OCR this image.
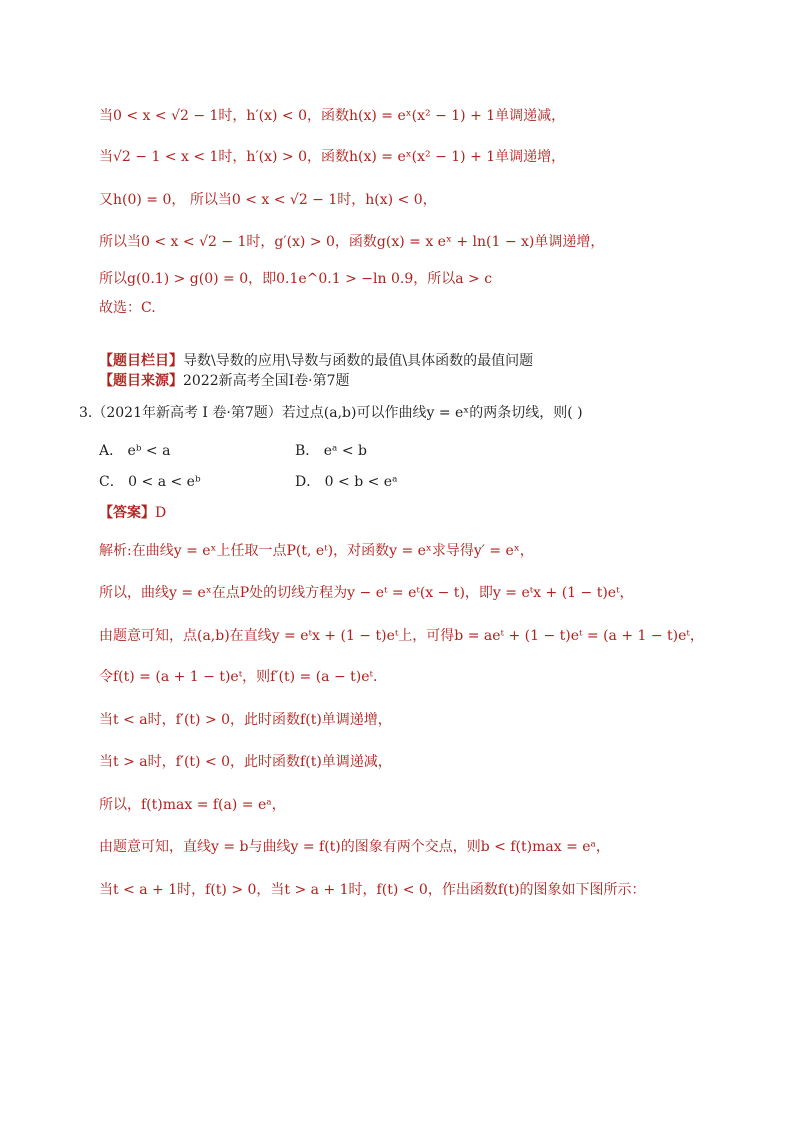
当0 < x < √2 − 1时，h′(x) < 0，函数h(x) = eˣ(x² − 1) + 1单调递减，
当√2 − 1 < x < 1时，h′(x) > 0，函数h(x) = eˣ(x² − 1) + 1单调递增，
又h(0) = 0， 所以当0 < x < √2 − 1时，h(x) < 0，
所以当0 < x < √2 − 1时，g′(x) > 0，函数g(x) = x eˣ + ln(1 − x)单调递增，
所以g(0.1) > g(0) = 0，即0.1e^0.1 > −ln 0.9，所以a > c
故选：C.
【题目栏目】导数\导数的应用\导数与函数的最值\具体函数的最值问题
【题目来源】2022新高考全国I卷·第7题
3.（2021年新高考 I 卷·第7题）若过点(a,b)可以作曲线y = eˣ的两条切线，则( )
A． eᵇ < a	B． eᵃ < b
C． 0 < a < eᵇ	D． 0 < b < eᵃ
【答案】D
解析:在曲线y = eˣ上任取一点P(t, eᵗ)，对函数y = eˣ求导得y′ = eˣ，
所以，曲线y = eˣ在点P处的切线方程为y − eᵗ = eᵗ(x − t)，即y = eᵗx + (1 − t)eᵗ，
由题意可知，点(a,b)在直线y = eᵗx + (1 − t)eᵗ上，可得b = aeᵗ + (1 − t)eᵗ = (a + 1 − t)eᵗ，
令f(t) = (a + 1 − t)eᵗ，则f′(t) = (a − t)eᵗ．
当t < a时，f′(t) > 0，此时函数f(t)单调递增，
当t > a时，f′(t) < 0，此时函数f(t)单调递减，
所以，f(t)max = f(a) = eᵃ，
由题意可知，直线y = b与曲线y = f(t)的图象有两个交点，则b < f(t)max = eᵃ，
当t < a + 1时，f(t) > 0，当t > a + 1时，f(t) < 0，作出函数f(t)的图象如下图所示：
